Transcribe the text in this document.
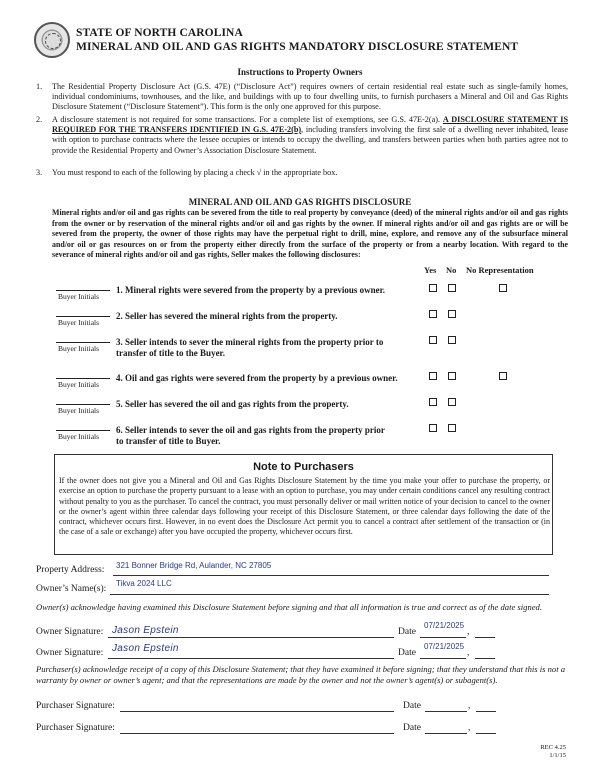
STATE OF NORTH CAROLINA
MINERAL AND OIL AND GAS RIGHTS MANDATORY DISCLOSURE STATEMENT
Instructions to Property Owners
1. The Residential Property Disclosure Act (G.S. 47E) (“Disclosure Act”) requires owners of certain residential real estate such as single-family homes, individual condominiums, townhouses, and the like, and buildings with up to four dwelling units, to furnish purchasers a Mineral and Oil and Gas Rights Disclosure Statement (“Disclosure Statement”). This form is the only one approved for this purpose.
2. A disclosure statement is not required for some transactions. For a complete list of exemptions, see G.S. 47E-2(a). A DISCLOSURE STATEMENT IS REQUIRED FOR THE TRANSFERS IDENTIFIED IN G.S. 47E-2(b), including transfers involving the first sale of a dwelling never inhabited, lease with option to purchase contracts where the lessee occupies or intends to occupy the dwelling, and transfers between parties when both parties agree not to provide the Residential Property and Owner’s Association Disclosure Statement.
3. You must respond to each of the following by placing a check √ in the appropriate box.
MINERAL AND OIL AND GAS RIGHTS DISCLOSURE
Mineral rights and/or oil and gas rights can be severed from the title to real property by conveyance (deed) of the mineral rights and/or oil and gas rights from the owner or by reservation of the mineral rights and/or oil and gas rights by the owner. If mineral rights and/or oil and gas rights are or will be severed from the property, the owner of those rights may have the perpetual right to drill, mine, explore, and remove any of the subsurface mineral and/or oil or gas resources on or from the property either directly from the surface of the property or from a nearby location. With regard to the severance of mineral rights and/or oil and gas rights, Seller makes the following disclosures:
Yes No No Representation
Buyer Initials
1. Mineral rights were severed from the property by a previous owner.
Buyer Initials
2. Seller has severed the mineral rights from the property.
Buyer Initials
3. Seller intends to sever the mineral rights from the property prior to
transfer of title to the Buyer.
Buyer Initials
4. Oil and gas rights were severed from the property by a previous owner.
Buyer Initials
5. Seller has severed the oil and gas rights from the property.
Buyer Initials
6. Seller intends to sever the oil and gas rights from the property prior
to transfer of title to Buyer.
Note to Purchasers
If the owner does not give you a Mineral and Oil and Gas Rights Disclosure Statement by the time you make your offer to purchase the property, or exercise an option to purchase the property pursuant to a lease with an option to purchase, you may under certain conditions cancel any resulting contract without penalty to you as the purchaser. To cancel the contract, you must personally deliver or mail written notice of your decision to cancel to the owner or the owner’s agent within three calendar days following your receipt of this Disclosure Statement, or three calendar days following the date of the contract, whichever occurs first. However, in no event does the Disclosure Act permit you to cancel a contract after settlement of the transaction or (in the case of a sale or exchange) after you have occupied the property, whichever occurs first.
Property Address: 321 Bonner Bridge Rd, Aulander, NC 27805
Owner’s Name(s):
Tikva 2024 LLC
Owner(s) acknowledge having examined this Disclosure Statement before signing and that all information is true and correct as of the date signed.
Owner Signature: Jason Epstein	Date	,
07/21/2025
Owner Signature: Jason Epstein	Date	,
07/21/2025
Purchaser(s) acknowledge receipt of a copy of this Disclosure Statement; that they have examined it before signing; that they understand that this is not a warranty by owner or owner’s agent; and that the representations are made by the owner and not the owner’s agent(s) or subagent(s).
Purchaser Signature:	Date	,
Purchaser Signature:	Date	,
REC 4.25
1/1/15
